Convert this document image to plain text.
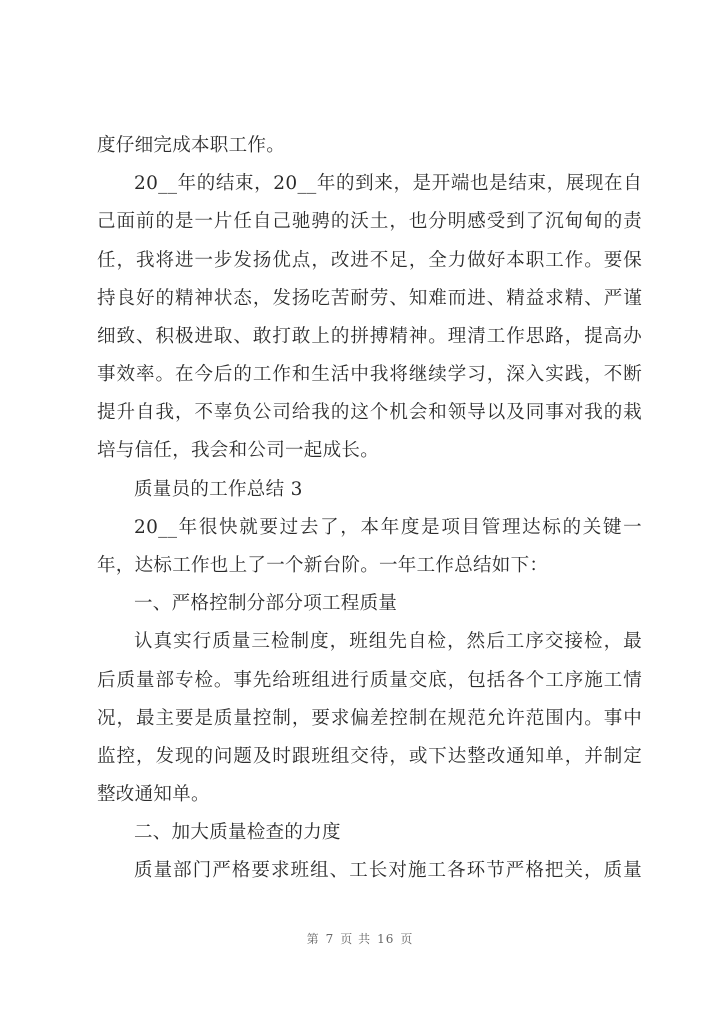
度仔细完成本职工作。
20__年的结束，20__年的到来，是开端也是结束，展现在自
己面前的是一片任自己驰骋的沃土，也分明感受到了沉甸甸的责
任，我将进一步发扬优点，改进不足，全力做好本职工作。要保
持良好的精神状态，发扬吃苦耐劳、知难而进、精益求精、严谨
细致、积极进取、敢打敢上的拼搏精神。理清工作思路，提高办
事效率。在今后的工作和生活中我将继续学习，深入实践，不断
提升自我，不辜负公司给我的这个机会和领导以及同事对我的栽
培与信任，我会和公司一起成长。
质量员的工作总结 3
20__年很快就要过去了，本年度是项目管理达标的关键一
年，达标工作也上了一个新台阶。一年工作总结如下：
一、严格控制分部分项工程质量
认真实行质量三检制度，班组先自检，然后工序交接检，最
后质量部专检。事先给班组进行质量交底，包括各个工序施工情
况，最主要是质量控制，要求偏差控制在规范允许范围内。事中
监控，发现的问题及时跟班组交待，或下达整改通知单，并制定
整改通知单。
二、加大质量检查的力度
质量部门严格要求班组、工长对施工各环节严格把关，质量
第 7 页 共 16 页
